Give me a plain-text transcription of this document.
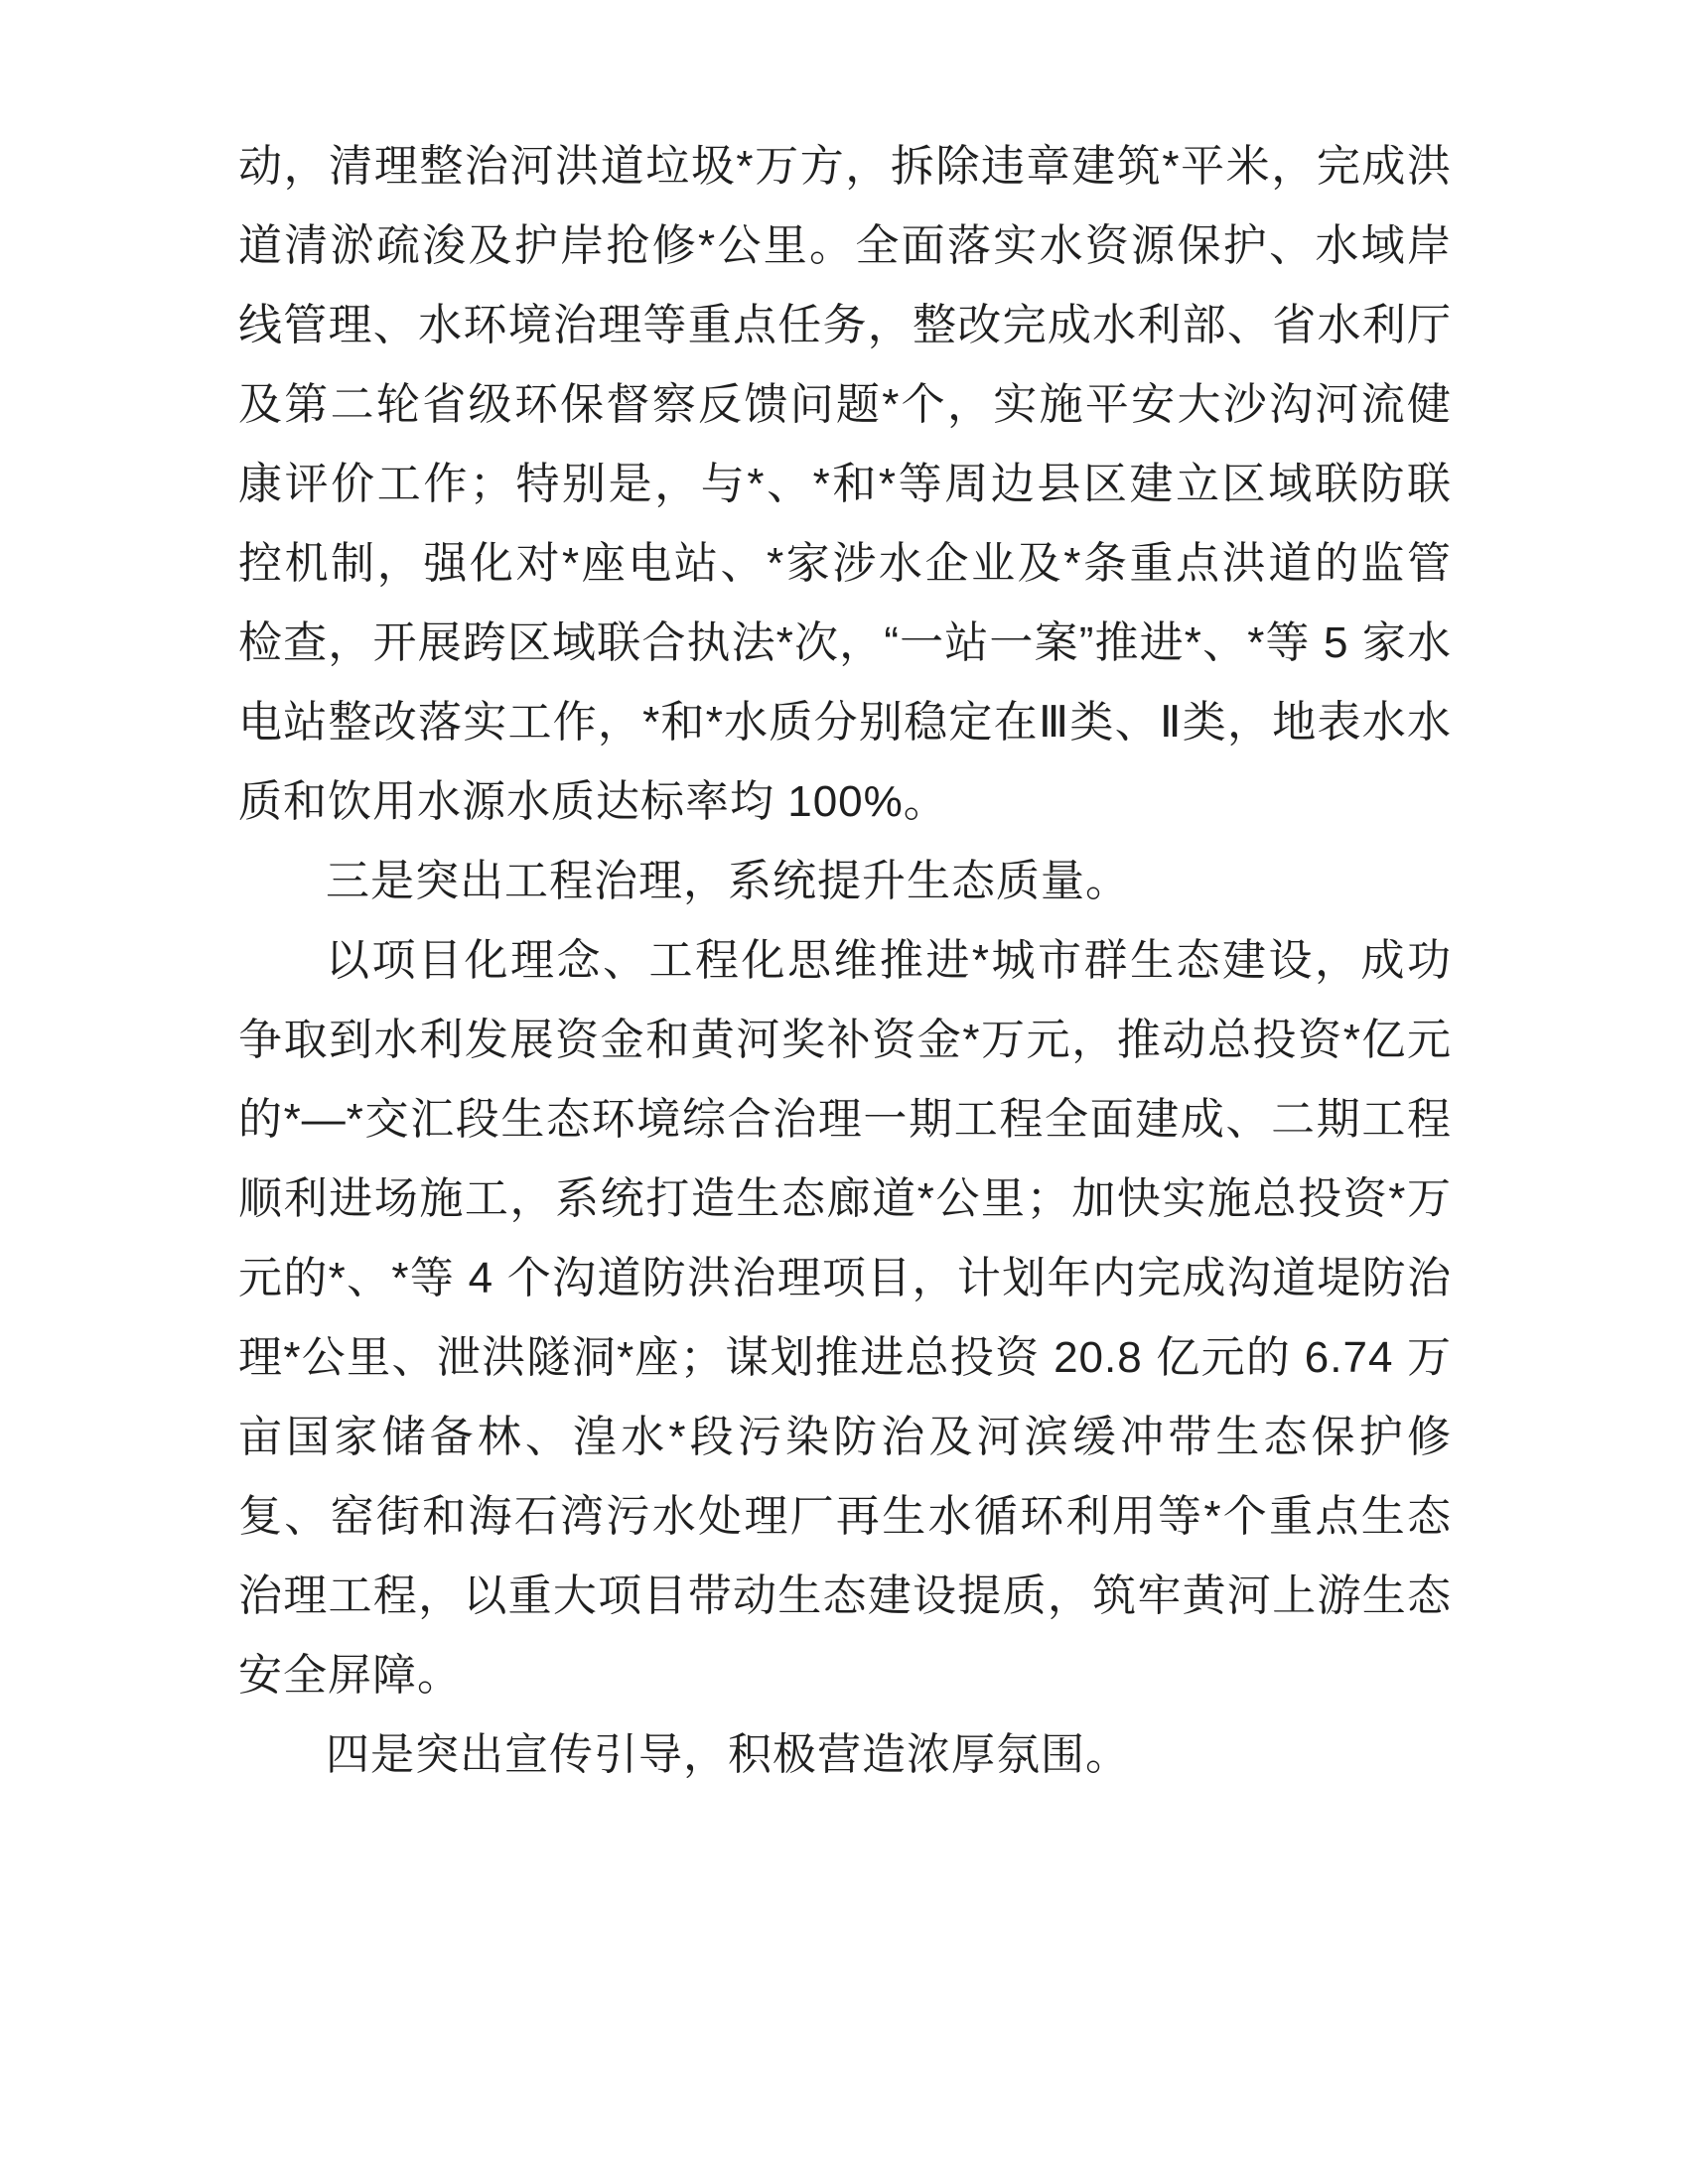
动，清理整治河洪道垃圾*万方，拆除违章建筑*平米，完成洪道清淤疏浚及护岸抢修*公里。全面落实水资源保护、水域岸线管理、水环境治理等重点任务，整改完成水利部、省水利厅及第二轮省级环保督察反馈问题*个，实施平安大沙沟河流健康评价工作；特别是，与*、*和*等周边县区建立区域联防联控机制，强化对*座电站、*家涉水企业及*条重点洪道的监管检查，开展跨区域联合执法*次，“一站一案”推进*、*等 5 家水电站整改落实工作，*和*水质分别稳定在Ⅲ类、Ⅱ类，地表水水质和饮用水源水质达标率均 100%。

三是突出工程治理，系统提升生态质量。

以项目化理念、工程化思维推进*城市群生态建设，成功争取到水利发展资金和黄河奖补资金*万元，推动总投资*亿元的*—*交汇段生态环境综合治理一期工程全面建成、二期工程顺利进场施工，系统打造生态廊道*公里；加快实施总投资*万元的*、*等 4 个沟道防洪治理项目，计划年内完成沟道堤防治理*公里、泄洪隧洞*座；谋划推进总投资 20.8 亿元的 6.74 万亩国家储备林、湟水*段污染防治及河滨缓冲带生态保护修复、窑街和海石湾污水处理厂再生水循环利用等*个重点生态治理工程，以重大项目带动生态建设提质，筑牢黄河上游生态安全屏障。

四是突出宣传引导，积极营造浓厚氛围。
